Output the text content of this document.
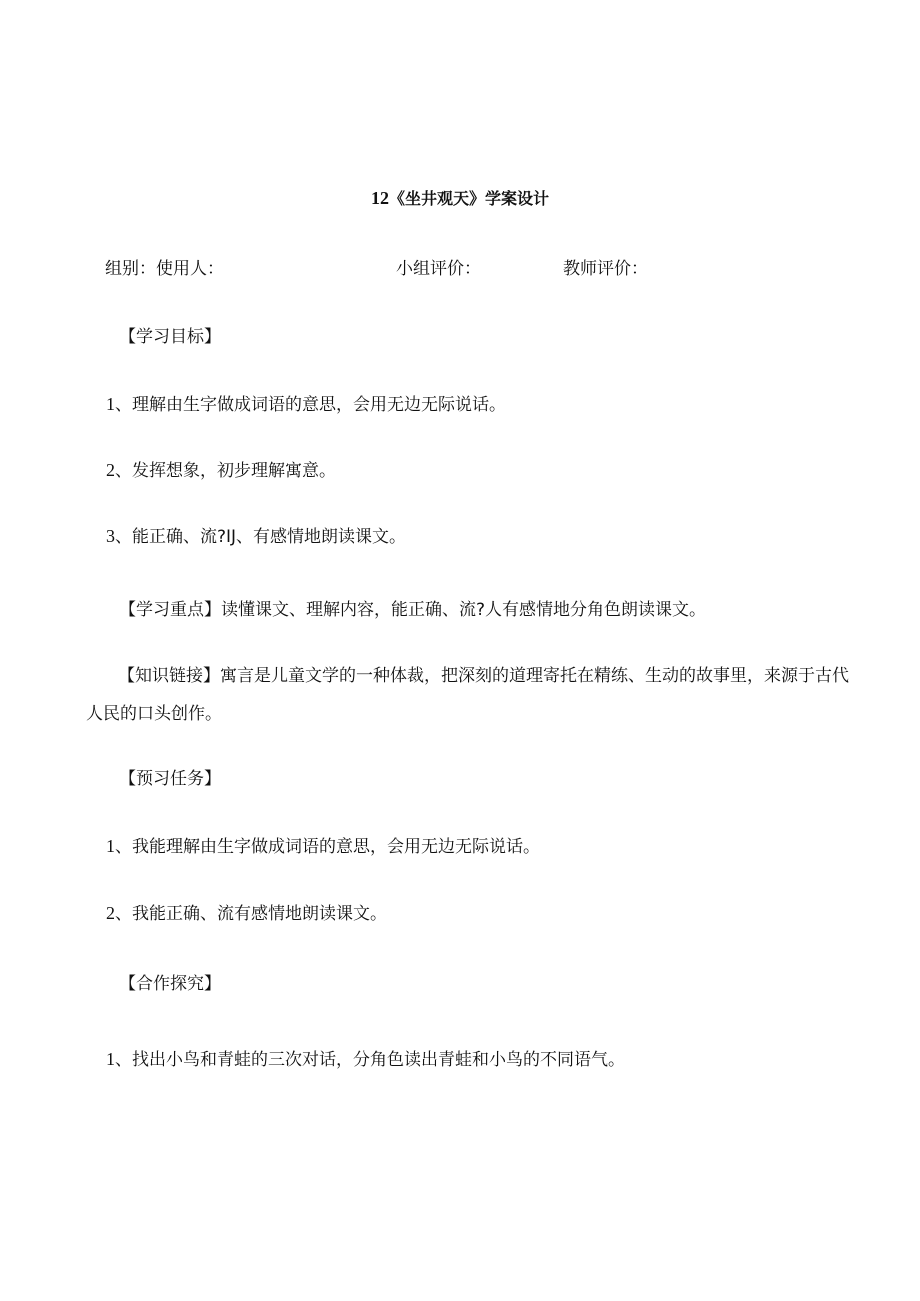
12《坐井观天》学案设计
组别：使用人：	小组评价：	教师评价：
【学习目标】
1、理解由生字做成词语的意思，会用无边无际说话。
2、发挥想象，初步理解寓意。
3、能正确、流?IJ、有感情地朗读课文。
【学习重点】读懂课文、理解内容，能正确、流?人有感情地分角色朗读课文。
【知识链接】寓言是儿童文学的一种体裁，把深刻的道理寄托在精练、生动的故事里，来源于古代人民的口头创作。
【预习任务】
1、我能理解由生字做成词语的意思，会用无边无际说话。
2、我能正确、流有感情地朗读课文。
【合作探究】
1、找出小鸟和青蛙的三次对话，分角色读出青蛙和小鸟的不同语气。
